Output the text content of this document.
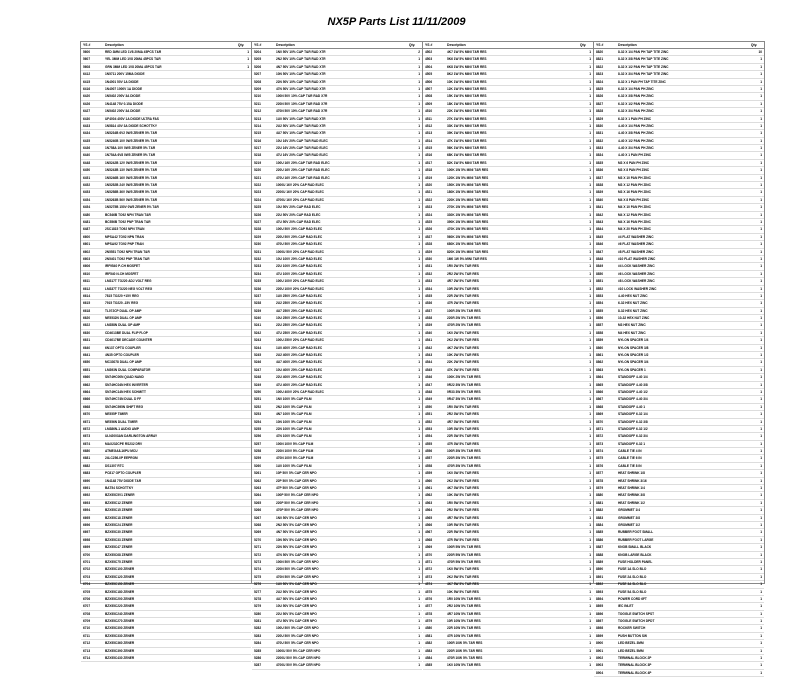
NX5P Parts List 11/11/2009
YS #	Description	Qty.
5600	RED 3MM LED 1V8 20MA 45PCS T&R	1
5607	YEL 3MM LED 1V8 20MA 45PCS T&R	1
5608	GRN 3MM LED 1V8 20MA 45PCS T&R	1
6412	1N5711 200V 15MA DIODE
6415	1N4001 50V 1A DIODE
6416	1N4007 1000V 1A DIODE
6420	1N5402 200V 3A DIODE
6426	1N4148 75V 0.15A DIODE
6427	1N5402 200V 3A DIODE
6430	UF4004 400V 1A DIODE ULTRA FAS
6433	1N5814 40V 3A DIODE SCHOTTKY
6434	1N5234B 6V2 0W5 ZENER 5% T&R
6435	1N5240B 10V 0W5 ZENER 5% T&R
6436	1N758A 10V 0W5 ZENER 5% T&R
6440	1N754A 6V8 0W5 ZENER 5% T&R
6448	1N5242B 12V 0W5 ZENER 5% T&R
6450	1N5243B 13V 0W5 ZENER 5% T&R
6451	1N5246B 16V 0W5 ZENER 5% T&R
6452	1N5252B 24V 0W5 ZENER 5% T&R
6453	1N5258B 36V 0W5 ZENER 5% T&R
6454	1N5263B 56V 0W5 ZENER 5% T&R
6454	1N5275B 150V 0W5 ZENER 5% T&R
6480	BC546B TO92 NPN TRAN T&R
6481	BC556B TO92 PNP TRAN T&R
6487	2SC1815 TO92 NPN TRAN
6600	MPSA42 TO92 NPN TRAN
6601	MPSA92 TO92 PNP TRAN
6602	2N5551 TO92 NPN TRAN T&R
6603	2N5401 TO92 PNP TRAN T&R
6606	IRF9540 P-CH MOSFET
6610	IRF540 N-CH MOSFET
6611	LM317T TO220 ADJ VOLT REG
6612	LM337T TO220 NEG VOLT REG
6614	7815 TO220 +15V REG
6615	7915 TO220 -15V REG
6618	TL072CP DUAL OP AMP
6620	NE5532N DUAL OP AMP
6622	LM358N DUAL OP AMP
6630	CD4013BE DUAL FLIP FLOP
6631	CD4017BE DECADE COUNTER
6640	6N137 OPTO COUPLER
6641	4N35 OPTO COUPLER
6650	MC33078 DUAL OP AMP
6651	LM393N DUAL COMPARATOR
6660	SN74HC00N QUAD NAND
6662	SN74HC04N HEX INVERTER
6664	SN74HC14N HEX SCHMITT
6666	SN74HC74N DUAL D FF
6668	SN74HC595N SHIFT REG
6670	NE555P TIMER
6671	NE556N DUAL TIMER
6672	LM386N-1 AUDIO AMP
6673	ULN2003AN DARLINGTON ARRAY
6674	MAX232CPE RS232 DRV
6680	ATMEGA8-16PU MCU
6681	24LC256-I/P EEPROM
6682	DS1307 RTC
6683	PC817 OPTO COUPLER
6690	1N4148 75V DIODE T&R
6691	BAT54 SCHOTTKY
6692	BZX55C5V1 ZENER
6693	BZX55C12 ZENER
6694	BZX55C15 ZENER
6695	BZX55C18 ZENER
6696	BZX55C24 ZENER
6697	BZX55C30 ZENER
6698	BZX55C33 ZENER
6699	BZX55C47 ZENER
6700	BZX55C68 ZENER
6701	BZX55C75 ZENER
6702	BZX55C100 ZENER
6703	BZX55C120 ZENER
6704	BZX55C150 ZENER
6705	BZX55C180 ZENER
6706	BZX55C200 ZENER
6707	BZX55C220 ZENER
6708	BZX55C240 ZENER
6709	BZX55C270 ZENER
6710	BZX55C300 ZENER
6711	BZX55C330 ZENER
6712	BZX55C360 ZENER
6713	BZX55C390 ZENER
6714	BZX55C430 ZENER
YS #	Description	Qty.
5204	1N0 50V 10% CAP T&R RAD X7R	2
5205	2N2 50V 10% CAP T&R RAD X7R	1
5206	4N7 50V 10% CAP T&R RAD X7R	1
5207	10N 50V 10% CAP T&R RAD X7R	1
5208	22N 50V 10% CAP T&R RAD X7R	1
5209	47N 50V 10% CAP T&R RAD X7R	1
5210	100N 50V 10% CAP T&R RAD X7R	1
5211	220N 50V 10% CAP T&R RAD X7R	1
5212	470N 50V 10% CAP T&R RAD X7R	1
5213	1U0 50V 10% CAP T&R RAD X7R	1
5214	2U2 50V 10% CAP T&R RAD X7R	1
5215	4U7 50V 10% CAP T&R RAD X7R	1
5216	10U 16V 20% CAP T&R RAD ELEC	1
5217	22U 16V 20% CAP T&R RAD ELEC	1
5218	47U 16V 20% CAP T&R RAD ELEC	1
5219	100U 16V 20% CAP T&R RAD ELEC	1
5220	220U 16V 20% CAP T&R RAD ELEC	1
5221	470U 16V 20% CAP T&R RAD ELEC	1
5222	1000U 16V 20% CAP RAD ELEC	1
5223	2200U 16V 20% CAP RAD ELEC	1
5224	4700U 16V 20% CAP RAD ELEC	1
5225	10U 50V 20% CAP RAD ELEC	1
5226	22U 50V 20% CAP RAD ELEC	1
5227	47U 50V 20% CAP RAD ELEC	1
5228	100U 50V 20% CAP RAD ELEC	1
5229	220U 50V 20% CAP RAD ELEC	1
5230	470U 50V 20% CAP RAD ELEC	1
5231	1000U 50V 20% CAP RAD ELEC	1
5232	10U 100V 20% CAP RAD ELEC	1
5233	22U 100V 20% CAP RAD ELEC	1
5234	47U 100V 20% CAP RAD ELEC	1
5235	100U 100V 20% CAP RAD ELEC	1
5236	220U 100V 20% CAP RAD ELEC	1
5237	1U0 250V 20% CAP RAD ELEC	1
5238	2U2 250V 20% CAP RAD ELEC	1
5239	4U7 250V 20% CAP RAD ELEC	1
5240	10U 250V 20% CAP RAD ELEC	1
5241	22U 250V 20% CAP RAD ELEC	1
5242	47U 250V 20% CAP RAD ELEC	1
5243	100U 250V 20% CAP RAD ELEC	1
5244	1U0 400V 20% CAP RAD ELEC	1
5245	2U2 400V 20% CAP RAD ELEC	1
5246	4U7 400V 20% CAP RAD ELEC	1
5247	10U 400V 20% CAP RAD ELEC	1
5248	22U 400V 20% CAP RAD ELEC	1
5249	47U 400V 20% CAP RAD ELEC	1
5250	100U 400V 20% CAP RAD ELEC	1
5251	1N0 100V 5% CAP FILM	1
5252	2N2 100V 5% CAP FILM	1
5253	4N7 100V 5% CAP FILM	1
5254	10N 100V 5% CAP FILM	1
5255	22N 100V 5% CAP FILM	1
5256	47N 100V 5% CAP FILM	1
5257	100N 100V 5% CAP FILM	1
5258	220N 100V 5% CAP FILM	1
5259	470N 100V 5% CAP FILM	1
5260	1U0 100V 5% CAP FILM	1
5261	10P 50V 5% CAP CER NPO	1
5262	22P 50V 5% CAP CER NPO	1
5263	47P 50V 5% CAP CER NPO	1
5264	100P 50V 5% CAP CER NPO	1
5265	220P 50V 5% CAP CER NPO	1
5266	470P 50V 5% CAP CER NPO	1
5267	1N0 50V 5% CAP CER NPO	1
5268	2N2 50V 5% CAP CER NPO	1
5269	4N7 50V 5% CAP CER NPO	1
5270	10N 50V 5% CAP CER NPO	1
5271	22N 50V 5% CAP CER NPO	1
5272	47N 50V 5% CAP CER NPO	1
5273	100N 50V 5% CAP CER NPO	1
5274	220N 50V 5% CAP CER NPO	1
5275	470N 50V 5% CAP CER NPO	1
5276	1U0 50V 5% CAP CER NPO	1
5277	2U2 50V 5% CAP CER NPO	1
5278	4U7 50V 5% CAP CER NPO	1
5279	10U 50V 5% CAP CER NPO	1
5280	22U 50V 5% CAP CER NPO	1
5281	47U 50V 5% CAP CER NPO	1
5282	100U 50V 5% CAP CER NPO	1
5283	220U 50V 5% CAP CER NPO	1
5284	470U 50V 5% CAP CER NPO	1
5285	1000U 50V 5% CAP CER NPO	1
5286	2200U 50V 5% CAP CER NPO	1
5287	4700U 50V 5% CAP CER NPO	1
YS #	Description	Qty.
4502	4K7 1W 5% MINI T&R RES	1
4503	5K6 1W 5% MINI T&R RES	1
4504	6K8 1W 5% MINI T&R RES	1
4505	8K2 1W 5% MINI T&R RES	1
4506	10K 1W 5% MINI T&R RES	1
4507	12K 1W 5% MINI T&R RES	1
4508	15K 1W 5% MINI T&R RES	1
4509	18K 1W 5% MINI T&R RES	1
4510	22K 1W 5% MINI T&R RES	1
4511	27K 1W 5% MINI T&R RES	1
4512	33K 1W 5% MINI T&R RES	1
4513	39K 1W 5% MINI T&R RES	1
4514	47K 1W 5% MINI T&R RES	1
4515	56K 1W 5% MINI T&R RES	1
4516	68K 1W 5% MINI T&R RES	1
4517	82K 1W 5% MINI T&R RES	1
4518	100K 1W 5% MINI T&R RES	1
4519	120K 1W 5% MINI T&R RES	1
4520	150K 1W 5% MINI T&R RES	1
4521	180K 1W 5% MINI T&R RES	1
4522	220K 1W 5% MINI T&R RES	1
4523	270K 1W 5% MINI T&R RES	1
4524	330K 1W 5% MINI T&R RES	1
4525	390K 1W 5% MINI T&R RES	1
4526	470K 1W 5% MINI T&R RES	1
4527	560K 1W 5% MINI T&R RES	1
4528	680K 1W 5% MINI T&R RES	1
4529	820K 1W 5% MINI T&R RES	1
4530	1M0 1W 5% MINI T&R RES	1
4531	1R0 2W 5% T&R RES	1
4532	2R2 2W 5% T&R RES	1
4533	4R7 2W 5% T&R RES	1
4534	10R 2W 5% T&R RES	1
4535	22R 2W 5% T&R RES	1
4536	47R 2W 5% T&R RES	1
4537	100R 2W 5% T&R RES	1
4538	220R 2W 5% T&R RES	1
4539	470R 2W 5% T&R RES	1
4540	1K0 2W 5% T&R RES	1
4541	2K2 2W 5% T&R RES	1
4542	4K7 2W 5% T&R RES	1
4543	10K 2W 5% T&R RES	1
4544	22K 2W 5% T&R RES	1
4545	47K 2W 5% T&R RES	1
4546	100K 2W 5% T&R RES	1
4547	0R22 3W 5% T&R RES	1
4548	0R33 3W 5% T&R RES	1
4549	0R47 3W 5% T&R RES	1
4550	1R0 3W 5% T&R RES	1
4551	2R2 3W 5% T&R RES	1
4552	4R7 3W 5% T&R RES	1
4553	10R 3W 5% T&R RES	1
4554	22R 3W 5% T&R RES	1
4555	47R 3W 5% T&R RES	1
4556	100R 3W 5% T&R RES	1
4557	220R 3W 5% T&R RES	1
4558	470R 3W 5% T&R RES	1
4559	1K0 3W 5% T&R RES	1
4560	2K2 3W 5% T&R RES	1
4561	4K7 3W 5% T&R RES	1
4562	10K 3W 5% T&R RES	1
4563	1R0 5W 5% T&R RES	1
4564	2R2 5W 5% T&R RES	1
4565	4R7 5W 5% T&R RES	1
4566	10R 5W 5% T&R RES	1
4567	22R 5W 5% T&R RES	1
4568	47R 5W 5% T&R RES	1
4569	100R 5W 5% T&R RES	1
4570	220R 5W 5% T&R RES	1
4571	470R 5W 5% T&R RES	1
4572	1K0 5W 5% T&R RES	1
4573	2K2 5W 5% T&R RES	1
4574	4K7 5W 5% T&R RES	1
4575	10K 5W 5% T&R RES	1
4576	1R0 10W 5% T&R RES	1
4577	2R2 10W 5% T&R RES	1
4578	4R7 10W 5% T&R RES	1
4579	10R 10W 5% T&R RES	1
4580	22R 10W 5% T&R RES	1
4581	47R 10W 5% T&R RES	1
4582	100R 10W 5% T&R RES	1
4583	220R 10W 5% T&R RES	1
4584	470R 10W 5% T&R RES	1
4585	1K0 10W 5% T&R RES	1
YS #	Description	Qty.
8820	8-32 X 1/4 PAN PH TAP TITE ZINC	10
8821	8-32 X 3/8 PAN PH TAP TITE ZINC	1
8822	8-32 X 1/2 PAN PH TAP TITE ZINC	1
8823	8-32 X 3/4 PAN PH TAP TITE ZINC	1
8824	8-32 X 1 PAN PH TAP TITE ZINC	1
8825	6-32 X 1/4 PAN PH ZINC	1
8826	6-32 X 3/8 PAN PH ZINC	1
8827	6-32 X 1/2 PAN PH ZINC	1
8828	6-32 X 3/4 PAN PH ZINC	1
8829	6-32 X 1 PAN PH ZINC	1
8830	4-40 X 1/4 PAN PH ZINC	1
8831	4-40 X 3/8 PAN PH ZINC	1
8832	4-40 X 1/2 PAN PH ZINC	1
8833	4-40 X 3/4 PAN PH ZINC	1
8834	4-40 X 1 PAN PH ZINC	1
8835	M3 X 6 PAN PH ZINC	1
8836	M3 X 8 PAN PH ZINC	1
8837	M3 X 10 PAN PH ZINC	1
8838	M3 X 12 PAN PH ZINC	1
8839	M3 X 16 PAN PH ZINC	1
8840	M4 X 8 PAN PH ZINC	1
8841	M4 X 10 PAN PH ZINC	1
8842	M4 X 12 PAN PH ZINC	1
8843	M4 X 16 PAN PH ZINC	1
8844	M4 X 20 PAN PH ZINC	1
8845	#4 FLAT WASHER ZINC	1
8846	#6 FLAT WASHER ZINC	1
8847	#8 FLAT WASHER ZINC	1
8848	#10 FLAT WASHER ZINC	1
8849	#4 LOCK WASHER ZINC	1
8850	#6 LOCK WASHER ZINC	1
8851	#8 LOCK WASHER ZINC	1
8852	#10 LOCK WASHER ZINC	1
8853	4-40 HEX NUT ZINC	1
8854	6-32 HEX NUT ZINC	1
8855	8-32 HEX NUT ZINC	1
8856	10-32 HEX NUT ZINC	1
8857	M3 HEX NUT ZINC	1
8858	M4 HEX NUT ZINC	1
8859	NYLON SPACER 1/4	1
8860	NYLON SPACER 3/8	1
8861	NYLON SPACER 1/2	1
8862	NYLON SPACER 3/4	1
8863	NYLON SPACER 1	1
8864	STANDOFF 4-40 1/4	1
8865	STANDOFF 4-40 3/8	1
8866	STANDOFF 4-40 1/2	1
8867	STANDOFF 4-40 3/4	1
8868	STANDOFF 4-40 1	1
8869	STANDOFF 6-32 1/4	1
8870	STANDOFF 6-32 3/8	1
8871	STANDOFF 6-32 1/2	1
8872	STANDOFF 6-32 3/4	1
8873	STANDOFF 6-32 1	1
8874	CABLE TIE 4 IN	1
8875	CABLE TIE 6 IN	1
8876	CABLE TIE 8 IN	1
8877	HEAT SHRINK 1/8	1
8878	HEAT SHRINK 3/16	1
8879	HEAT SHRINK 1/4	1
8880	HEAT SHRINK 3/8	1
8881	HEAT SHRINK 1/2	1
8882	GROMMET 1/4	1
8883	GROMMET 3/8	1
8884	GROMMET 1/2	1
8885	RUBBER FOOT SMALL	1
8886	RUBBER FOOT LARGE	1
8887	KNOB SMALL BLACK	1
8888	KNOB LARGE BLACK	1
8889	FUSE HOLDER PANEL	1
8890	FUSE 1A SLO BLO	1
8891	FUSE 2A SLO BLO	1
8892	FUSE 3A SLO BLO	1
8893	FUSE 5A SLO BLO	1
8894	POWER CORD 6FT	1
8895	IEC INLET	1
8896	TOGGLE SWITCH SPST	1
8897	TOGGLE SWITCH DPDT	1
8898	ROCKER SWITCH	1
8899	PUSH BUTTON SW	1
8900	LED BEZEL 3MM	1
8901	LED BEZEL 5MM	1
8902	TERMINAL BLOCK 2P	1
8903	TERMINAL BLOCK 3P	1
8904	TERMINAL BLOCK 4P	1
